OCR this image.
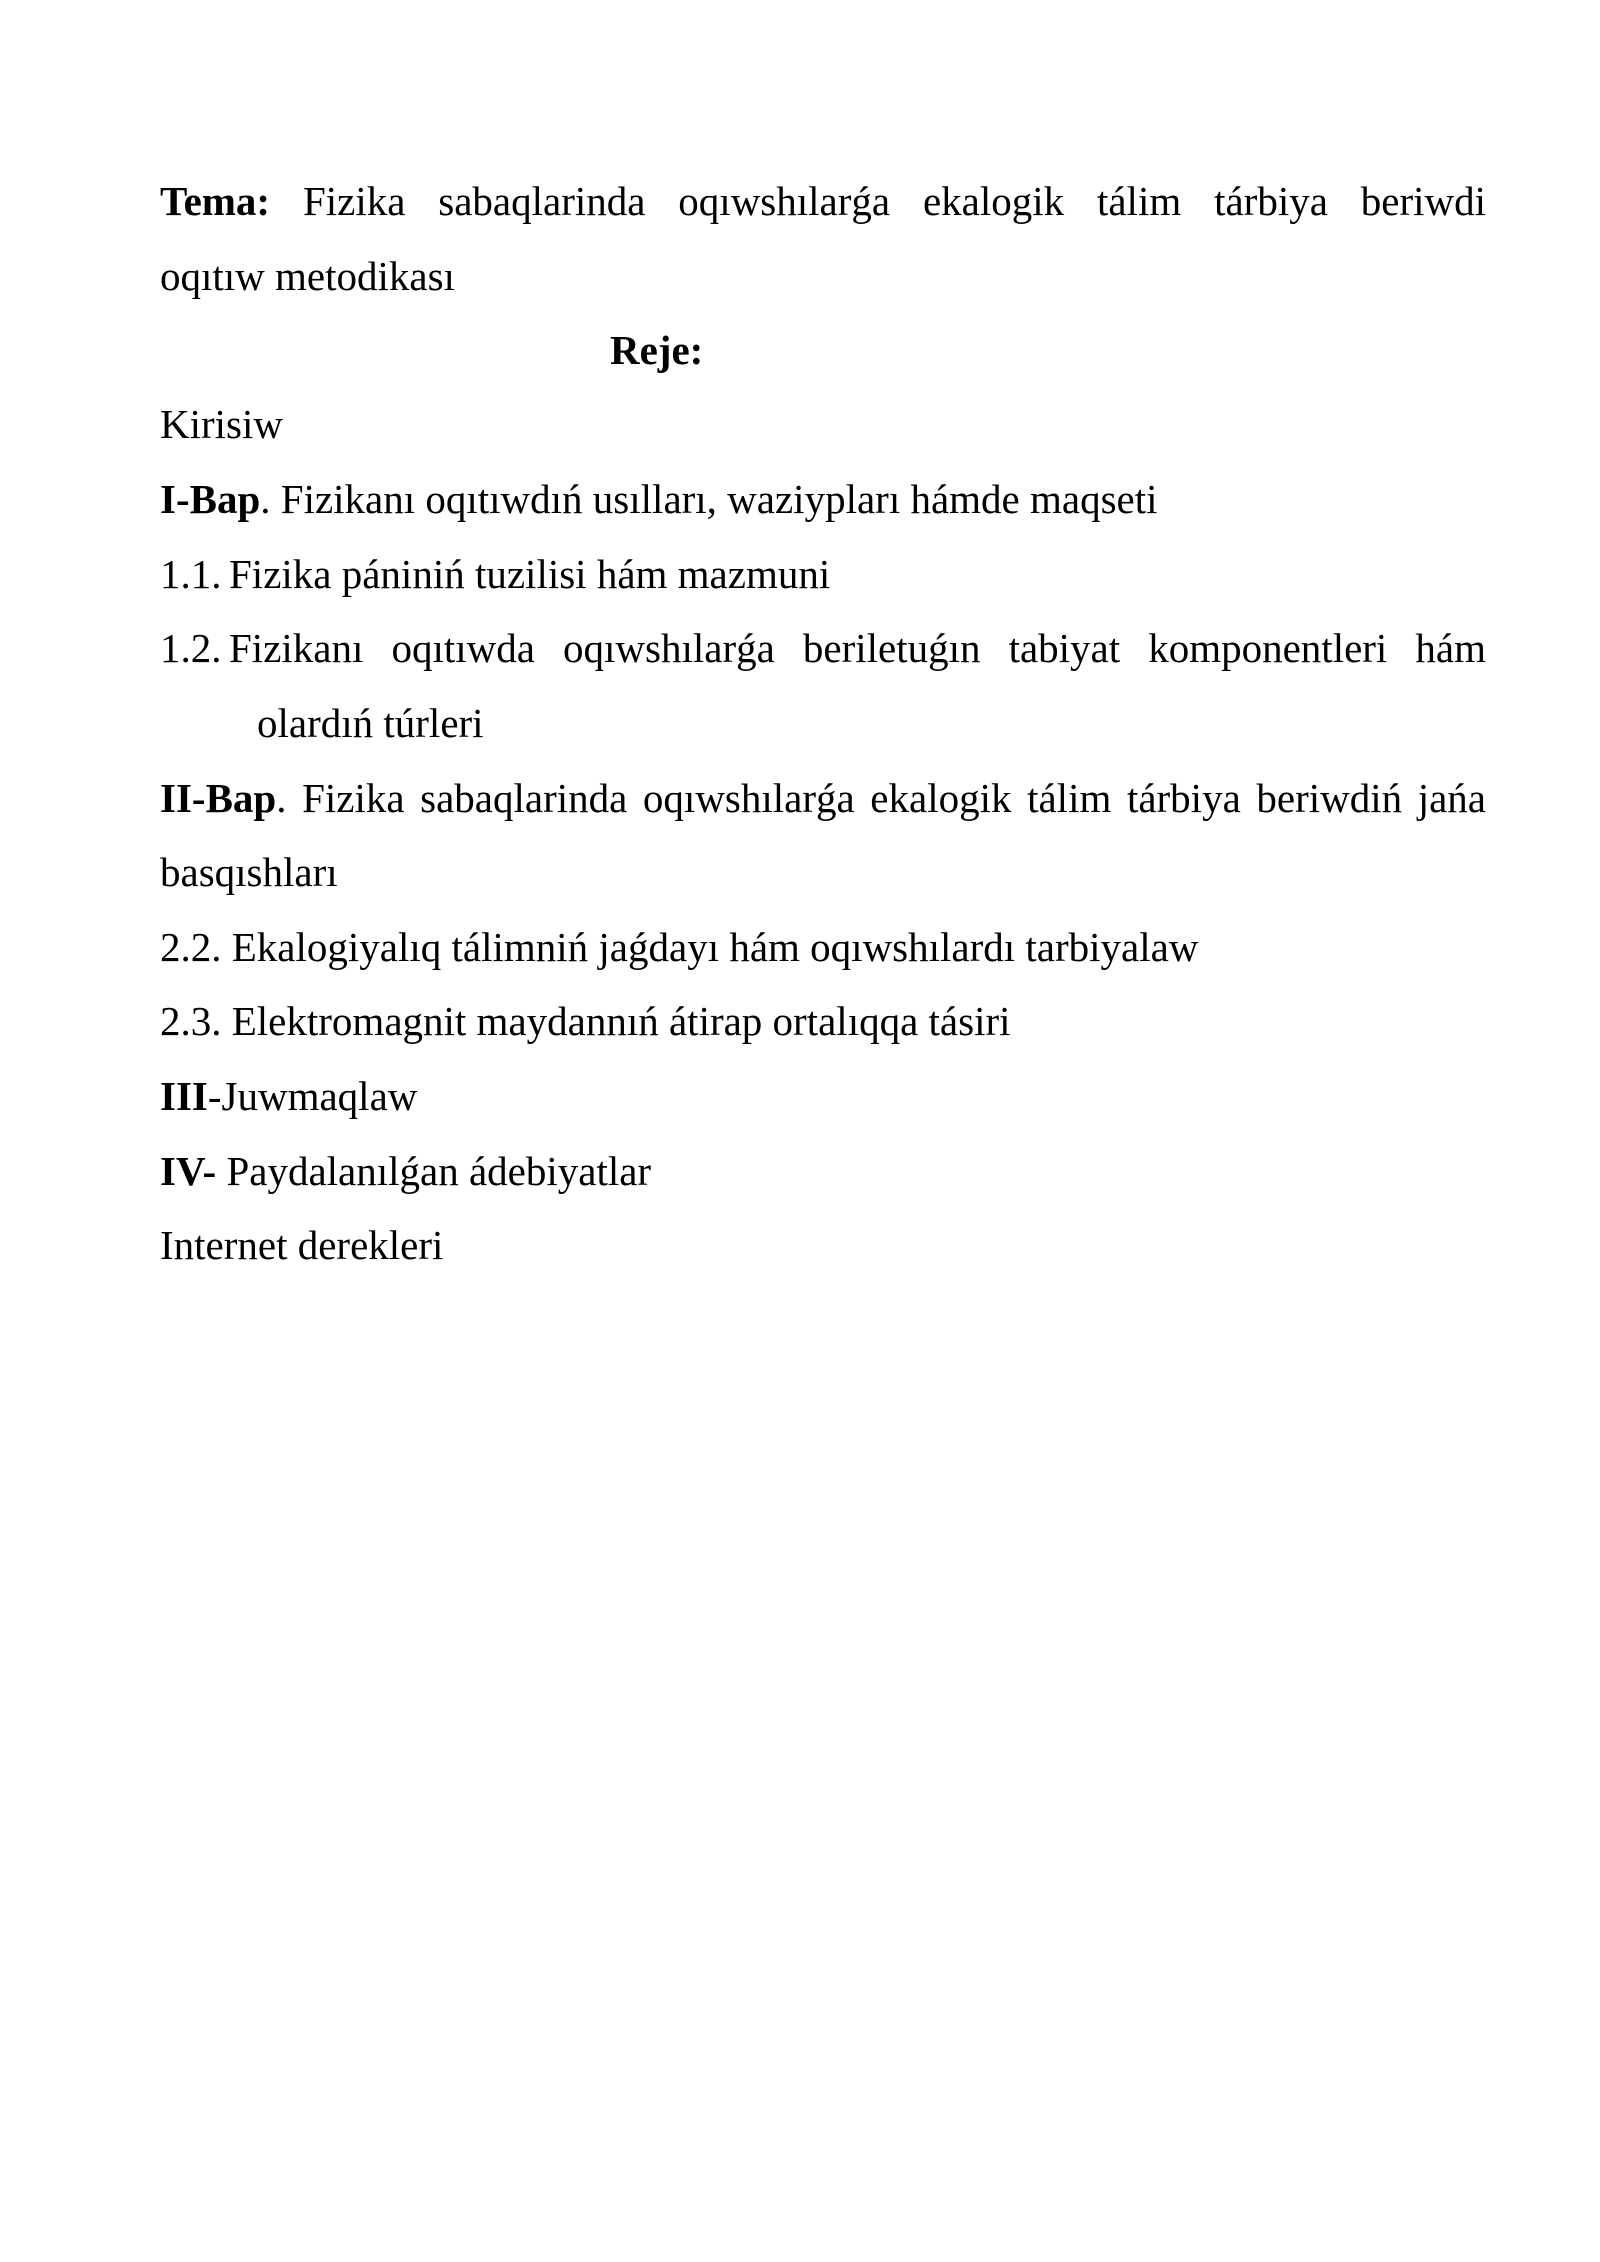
Tema: Fizika sabaqlarinda oqıwshılarǵa ekalogik tálim tárbiya beriwdi
oqıtıw metodikası
Reje:
Kirisiw
I-Bap. Fizikanı oqıtıwdıń usılları, waziypları hámde maqseti
1.1. Fizika pániniń tuzilisi hám mazmuni
1.2. Fizikanı oqıtıwda oqıwshılarǵa beriletuǵın tabiyat komponentleri hám
olardıń túrleri
II-Bap. Fizika sabaqlarinda oqıwshılarǵa ekalogik tálim tárbiya beriwdiń jańa
basqıshları
2.2. Ekalogiyalıq tálimniń jaǵdayı hám oqıwshılardı tarbiyalaw
2.3. Elektromagnit maydannıń átirap ortalıqqa tásiri
III-Juwmaqlaw
IV- Paydalanılǵan ádebiyatlar
Internet derekleri
